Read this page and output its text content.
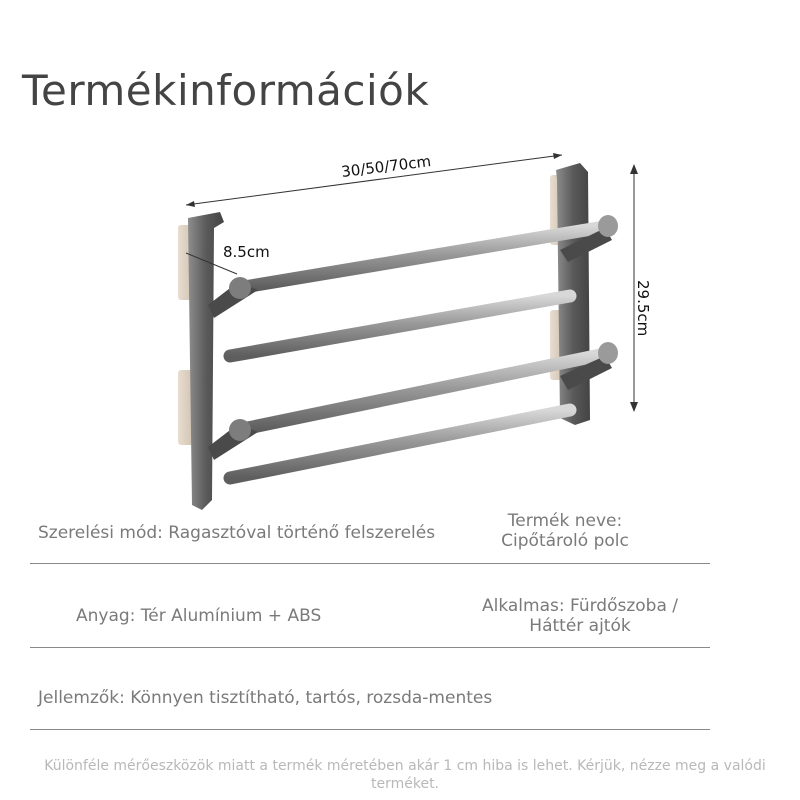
Termékinformációk
30/50/70cm
8.5cm
29.5cm
Szerelési mód: Ragasztóval történő felszerelés
Termék neve:
Cipőtároló polc
Anyag: Tér Alumínium + ABS	Alkalmas: Fürdőszoba /
Háttér ajtók
Jellemzők: Könnyen tisztítható, tartós, rozsda-mentes
Különféle mérőeszközök miatt a termék méretében akár 1 cm hiba is lehet. Kérjük, nézze meg a valódi terméket.
